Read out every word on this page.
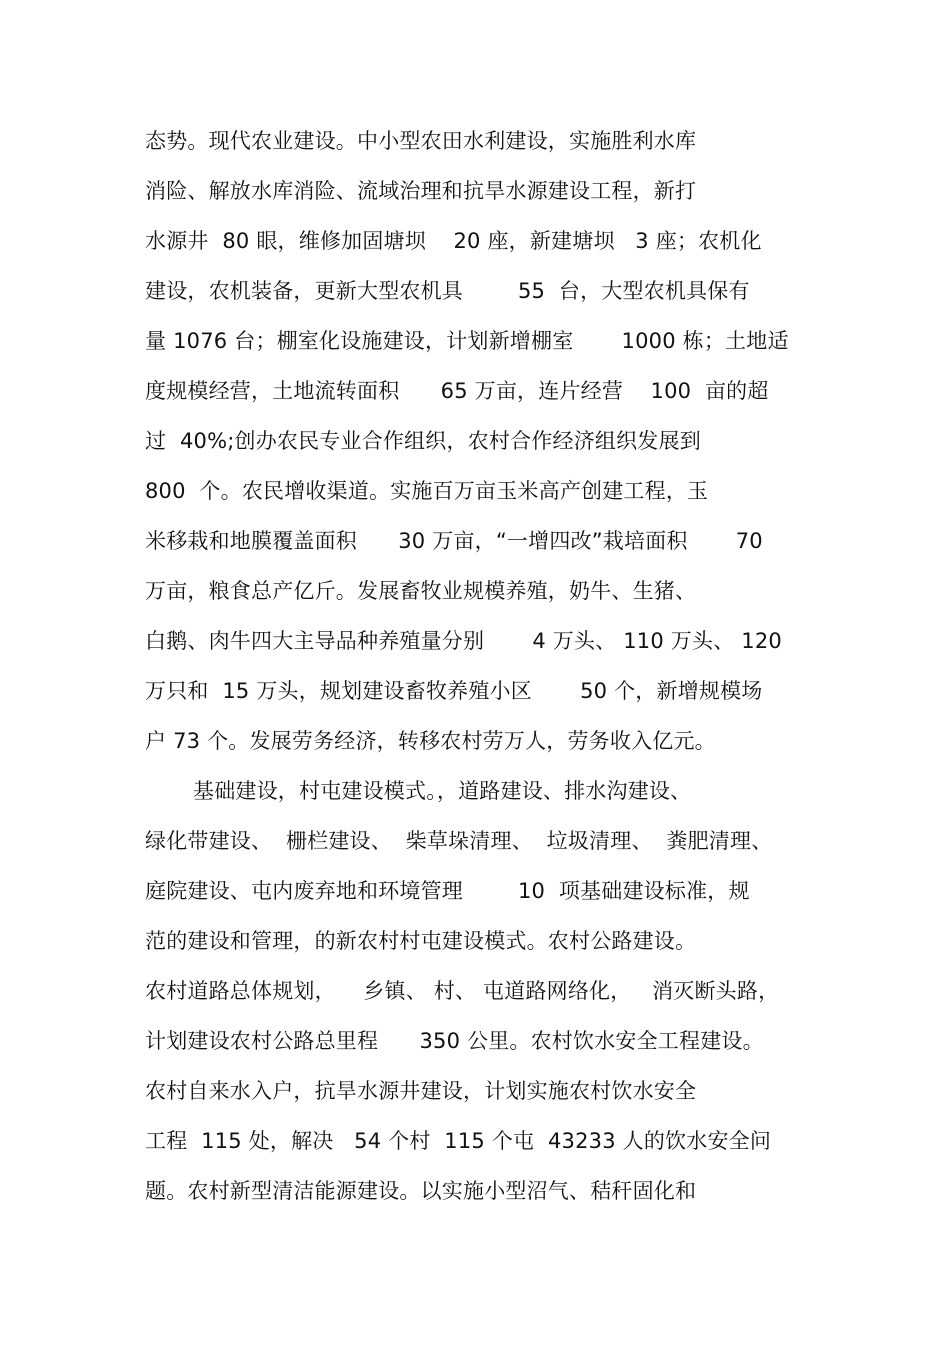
态势。现代农业建设。中小型农田水利建设，实施胜利水库
消险、解放水库消险、流域治理和抗旱水源建设工程，新打
水源井  80 眼，维修加固塘坝    20 座，新建塘坝   3 座；农机化
建设，农机装备，更新大型农机具        55  台，大型农机具保有
量 1076 台；棚室化设施建设，计划新增棚室       1000 栋；土地适
度规模经营，土地流转面积      65 万亩，连片经营    100  亩的超
过  40%;创办农民专业合作组织，农村合作经济组织发展到
800  个。农民增收渠道。实施百万亩玉米高产创建工程，玉
米移栽和地膜覆盖面积      30 万亩，“一增四改”栽培面积       70
万亩，粮食总产亿斤。发展畜牧业规模养殖，奶牛、生猪、
白鹅、肉牛四大主导品种养殖量分别       4 万头、 110 万头、 120
万只和  15 万头，规划建设畜牧养殖小区       50 个，新增规模场
户 73 个。发展劳务经济，转移农村劳万人，劳务收入亿元。
基础建设，村屯建设模式。，道路建设、排水沟建设、
绿化带建设、  栅栏建设、  柴草垛清理、  垃圾清理、  粪肥清理、
庭院建设、屯内废弃地和环境管理        10  项基础建设标准，规
范的建设和管理，的新农村村屯建设模式。农村公路建设。
农村道路总体规划，    乡镇、 村、 屯道路网络化，   消灭断头路，
计划建设农村公路总里程      350 公里。农村饮水安全工程建设。
农村自来水入户，抗旱水源井建设，计划实施农村饮水安全
工程  115 处，解决   54 个村  115 个屯  43233 人的饮水安全问
题。农村新型清洁能源建设。以实施小型沼气、秸秆固化和
